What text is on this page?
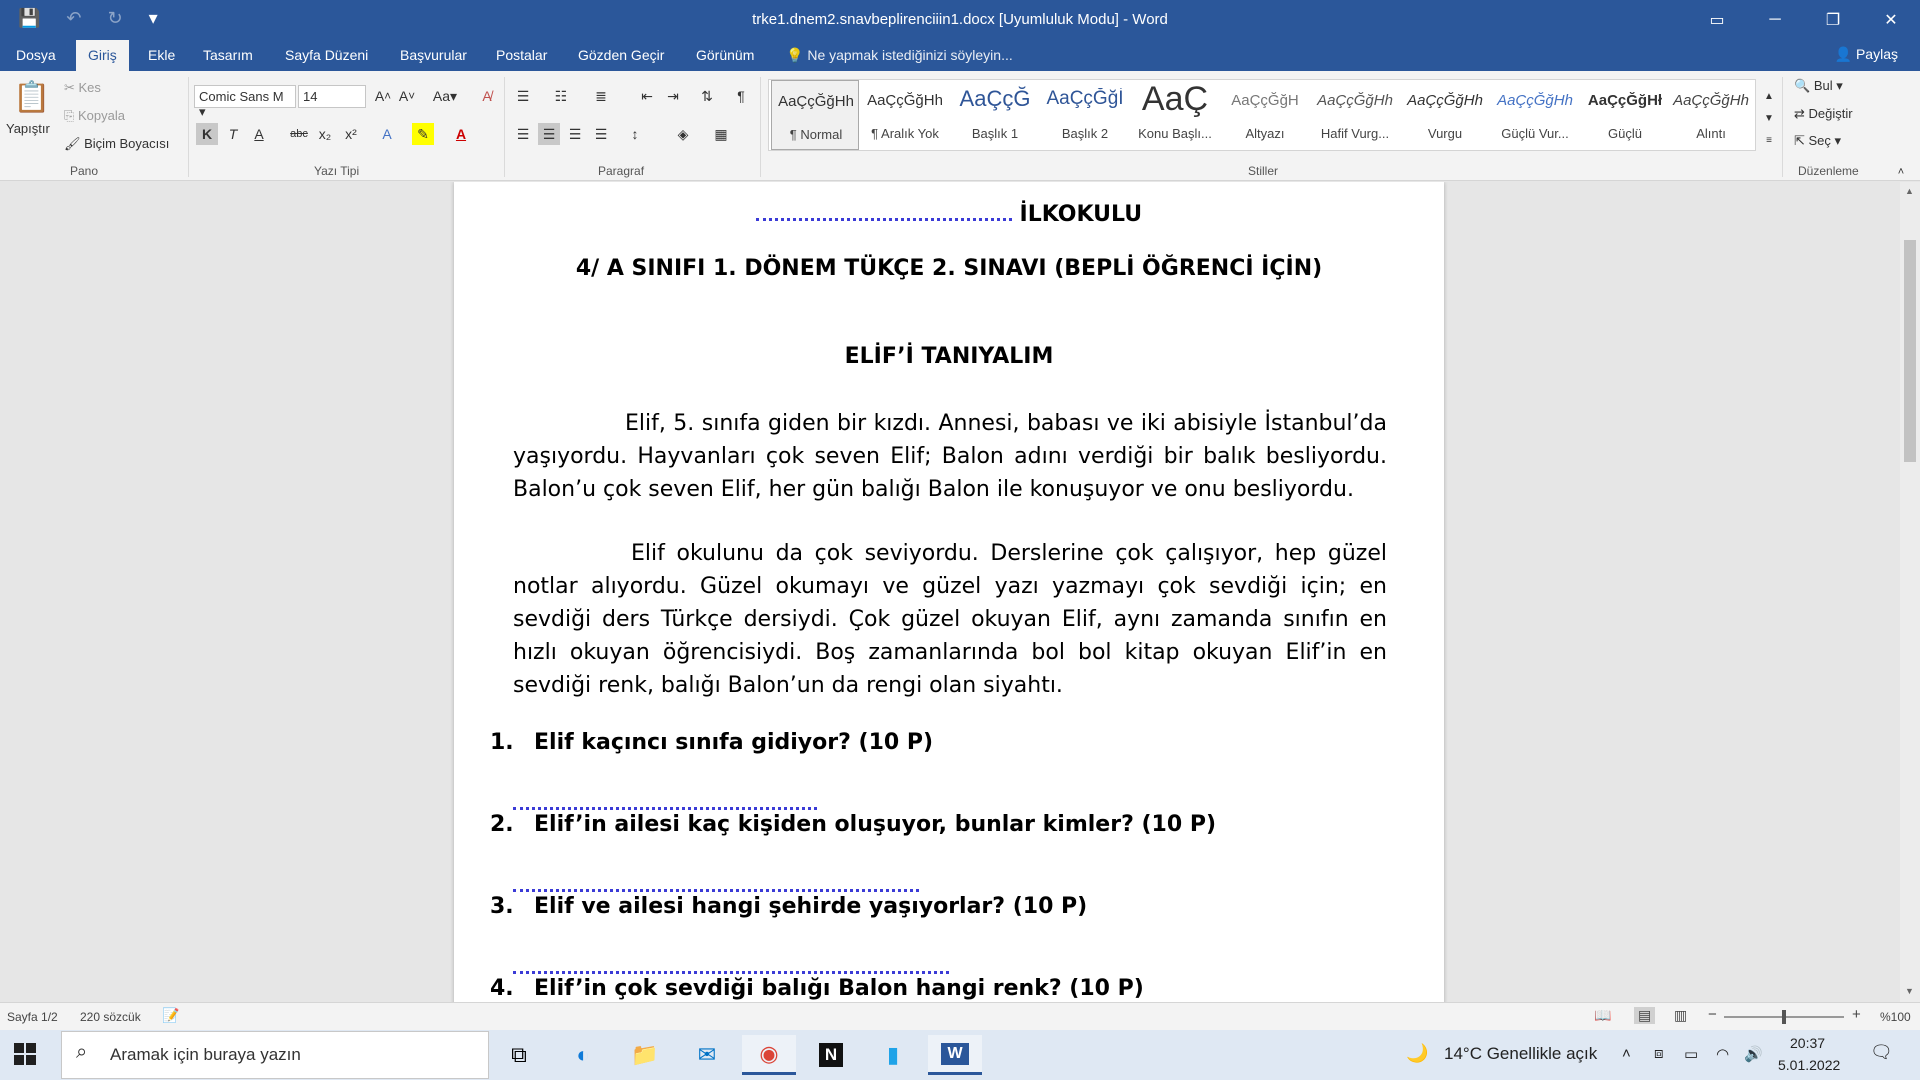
💾 ↶ ↻ ▾	trke1.dnem2.snavbeplirenciiin1.docx [Uyumluluk Modu] - Word	▭	─	❐	✕
Dosya	Giriş	Ekle Tasarım Sayfa Düzeni Başvurular Postalar Gözden Geçir Görünüm 💡 Ne yapmak istediğinizi söyleyin...	👤 Paylaş
📋
Yapıştır
✂ Kes
⎘ Kopyala
🖌 Biçim Boyacısı
Pano
Comic Sans M ▾
14	A ˄ A ˅ Aa ▾	A̸
K	T	A	abc x₂ x²	A	✎	A
Yazı Tipi
☰	☷	≣	⇤	⇥	⇅	¶
☰ ☰ ☰ ☰	↕	◈	▦
Paragraf
AaÇçĞğHh
¶ Normal
AaÇçĞğHh
¶ Aralık Yok
AaÇçĞ
Başlık 1
AaÇçĞğİ
Başlık 2
AaÇ
Konu Başlı...
AaÇçĞğH
Altyazı
AaÇçĞğHh
Hafif Vurg...
AaÇçĞğHh
Vurgu
AaÇçĞğHh
Güçlü Vur...
AaÇçĞğHł
Güçlü
AaÇçĞğHh
Alıntı
▲
▼
≡
Stiller
🔍 Bul ▾
⇄ Değiştir
⇱ Seç ▾
Düzenleme	˄
İLKOKULU
4/ A SINIFI 1. DÖNEM TÜKÇE 2. SINAVI (BEPLİ ÖĞRENCİ İÇİN)
ELİF’İ TANIYALIM
Elif, 5. sınıfa giden bir kızdı. Annesi, babası ve iki abisiyle İstanbul’da yaşıyordu. Hayvanları çok seven Elif; Balon adını verdiği bir balık besliyordu. Balon’u çok seven Elif, her gün balığı Balon ile konuşuyor ve onu besliyordu.
Elif okulunu da çok seviyordu. Derslerine çok çalışıyor, hep güzel notlar alıyordu. Güzel okumayı ve güzel yazı yazmayı çok sevdiği için; en sevdiği ders Türkçe dersiydi. Çok güzel okuyan Elif, aynı zamanda sınıfın en hızlı okuyan öğrencisiydi. Boş zamanlarında bol bol kitap okuyan Elif’in en sevdiği renk, balığı Balon’un da rengi olan siyahtı.
1. Elif kaçıncı sınıfa gidiyor? (10 P)
2. Elif’in ailesi kaç kişiden oluşuyor, bunlar kimler? (10 P)
3. Elif ve ailesi hangi şehirde yaşıyorlar? (10 P)
4. Elif’in çok sevdiği balığı Balon hangi renk? (10 P)
▲
▼
Sayfa 1/2 220 sözcük 📝	📖 ▤ ▥ −	+ %100
⌕ Aramak için buraya yazın	⧉	◐	📁	✉	◉	N	▮	W	🌙 14°C Genellikle açık ˄ ⧈ ▭ ◠ 🔊
20:37
5.01.2022
🗨
